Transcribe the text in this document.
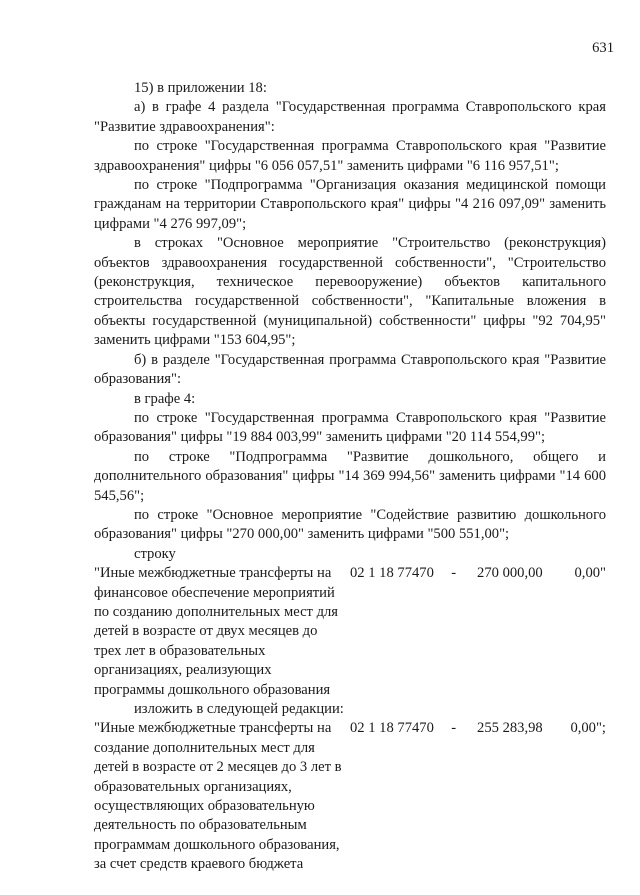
631

15) в приложении 18:

а) в графе 4 раздела "Государственная программа Ставропольского края "Развитие здравоохранения":

по строке "Государственная программа Ставропольского края "Развитие здравоохранения" цифры "6 056 057,51" заменить цифрами "6 116 957,51";

по строке "Подпрограмма "Организация оказания медицинской помощи гражданам на территории Ставропольского края" цифры "4 216 097,09" заменить цифрами "4 276 997,09";

в строках "Основное мероприятие "Строительство (реконструкция) объектов здравоохранения государственной собственности", "Строительство (реконструкция, техническое перевооружение) объектов капитального строительства государственной собственности", "Капитальные вложения в объекты государственной (муниципальной) собственности" цифры "92 704,95" заменить цифрами "153 604,95";

б) в разделе "Государственная программа Ставропольского края "Развитие образования":

в графе 4:

по строке "Государственная программа Ставропольского края "Развитие образования" цифры "19 884 003,99" заменить цифрами "20 114 554,99";

по строке "Подпрограмма "Развитие дошкольного, общего и дополнительного образования" цифры "14 369 994,56" заменить цифрами "14 600 545,56";

по строке "Основное мероприятие "Содействие развитию дошкольного образования" цифры "270 000,00" заменить цифрами "500 551,00";

строку

"Иные межбюджетные трансферты на финансовое обеспечение мероприятий по созданию дополнительных мест для детей в возрасте от двух месяцев до трех лет в образовательных организациях, реализующих программы дошкольного образования
02 1 18 77470	-	270 000,00	0,00"

изложить в следующей редакции:

"Иные межбюджетные трансферты на создание дополнительных мест для детей в возрасте от 2 месяцев до 3 лет в образовательных организациях, осуществляющих образовательную деятельность по образовательным программам дошкольного образования, за счет средств краевого бюджета
02 1 18 77470	-	255 283,98	0,00";
